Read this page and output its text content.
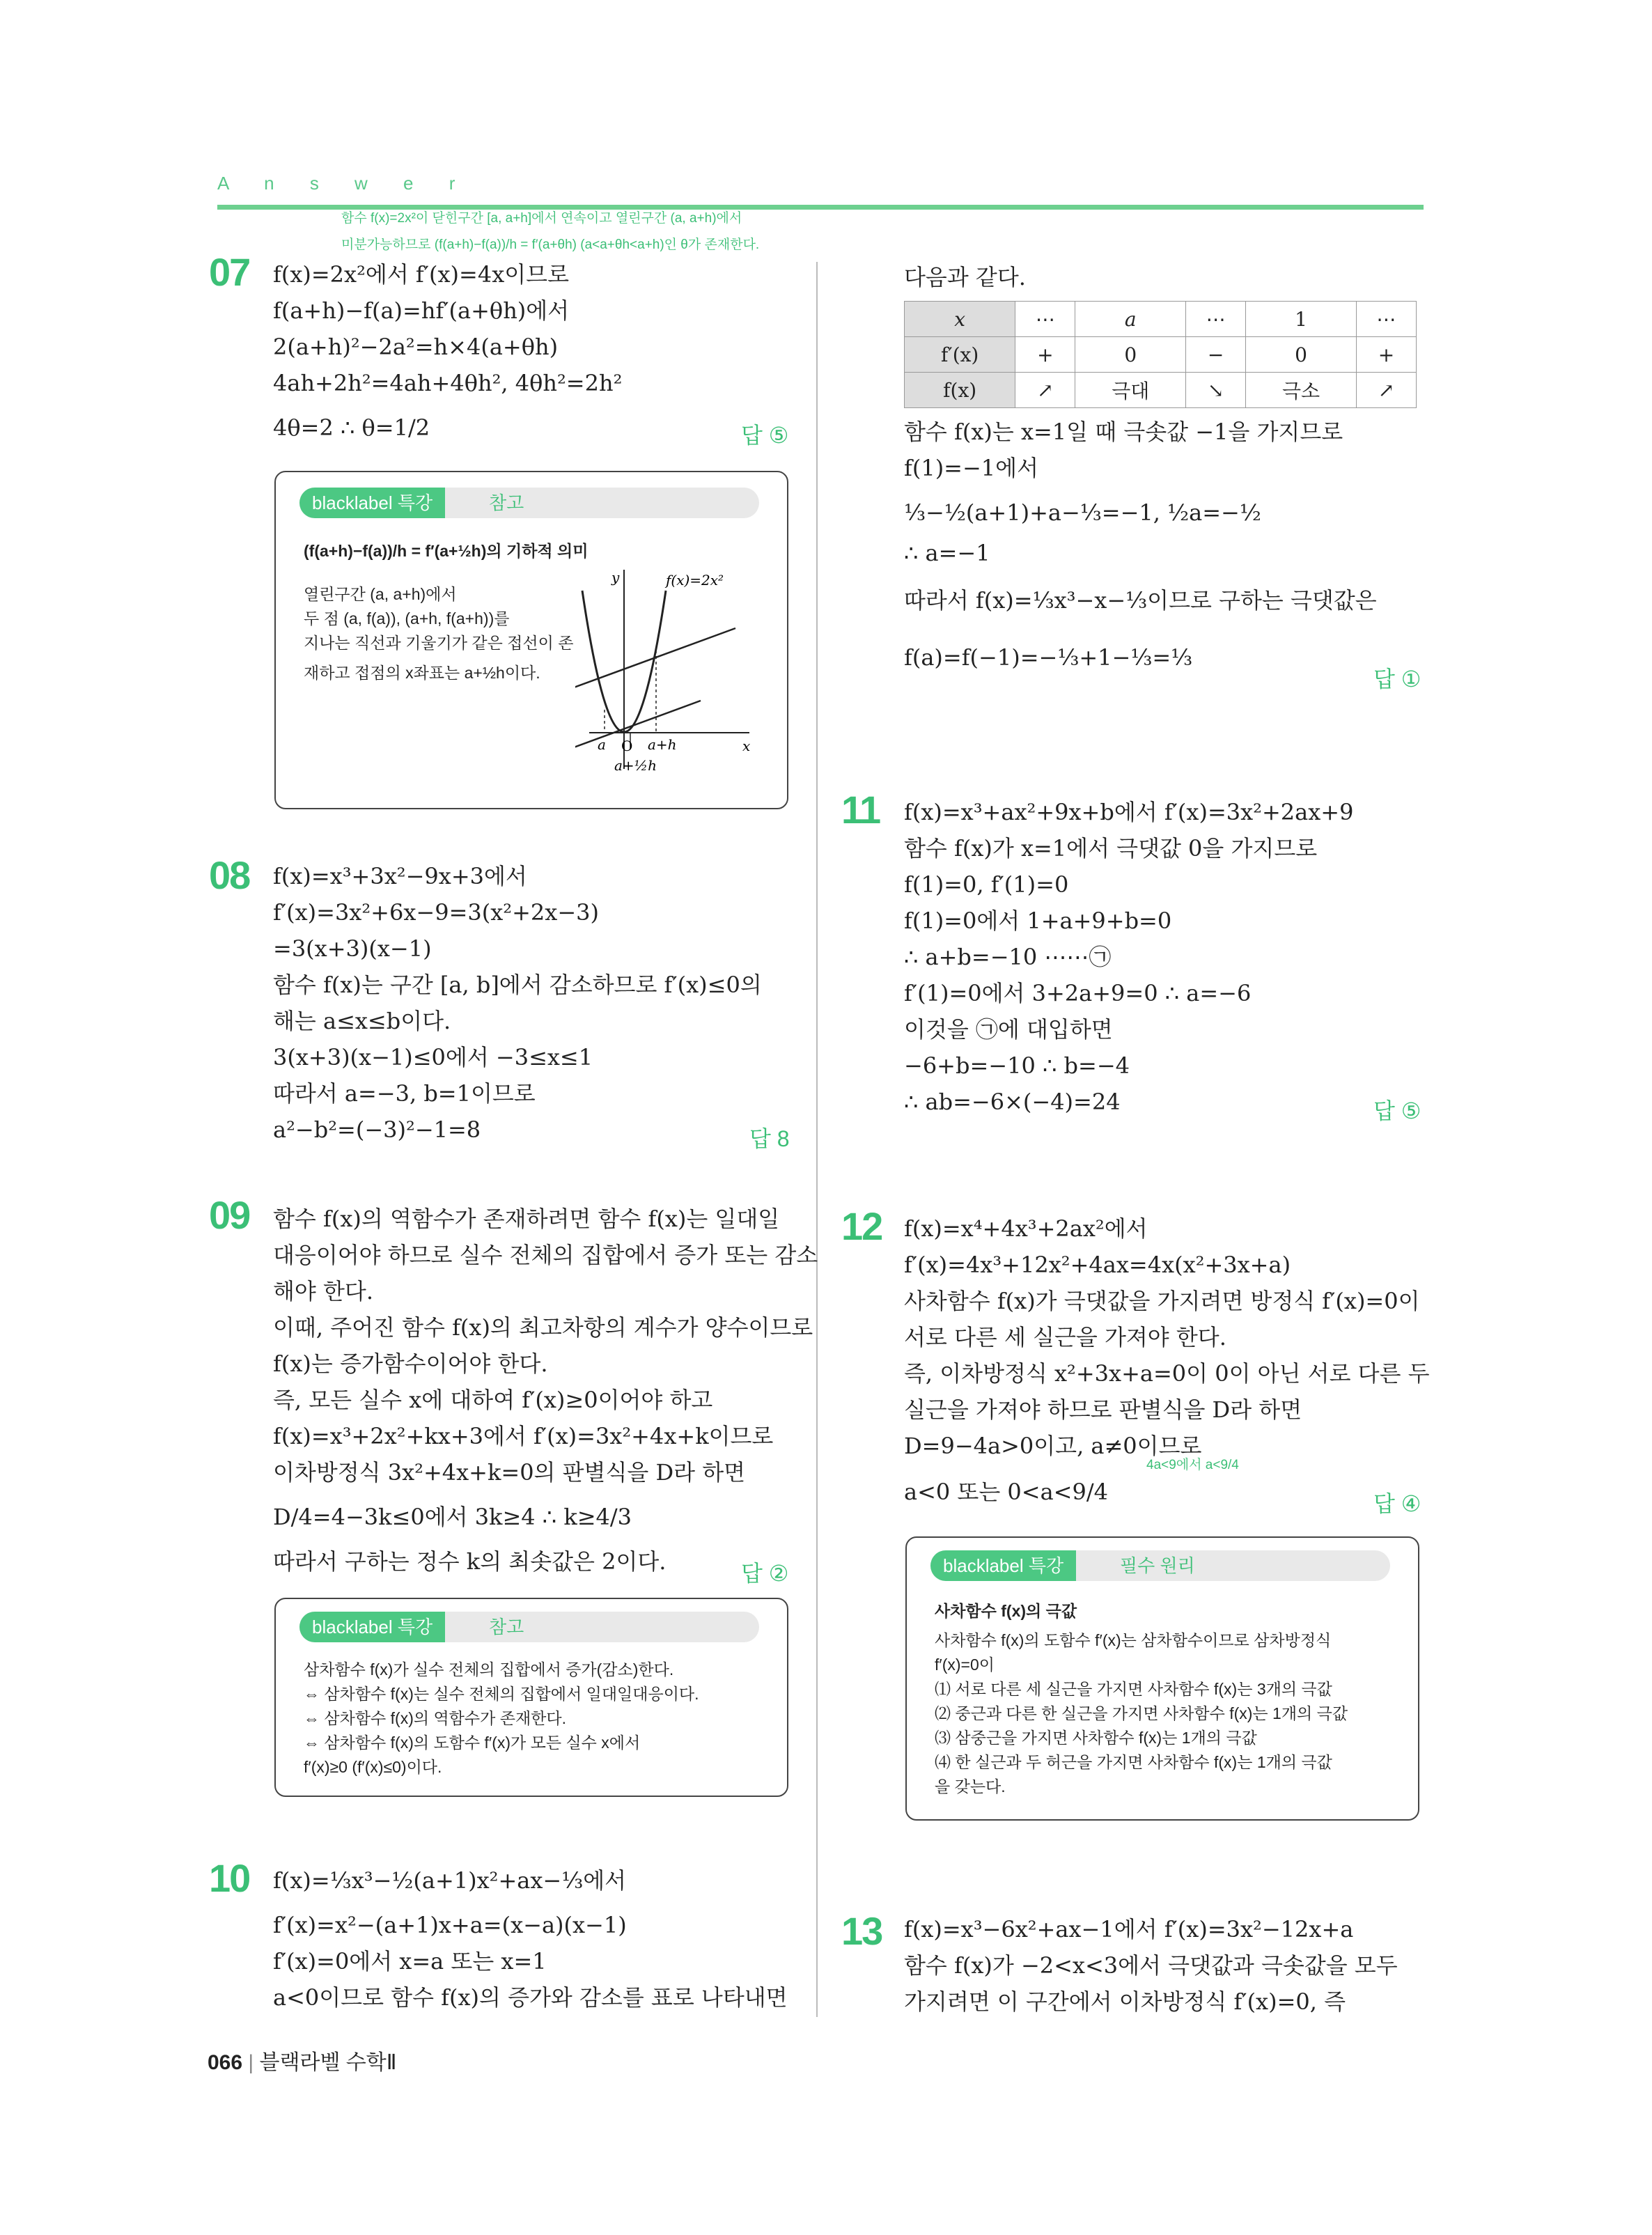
A n s w e r
함수 f(x)=2x²이 닫힌구간 [a, a+h]에서 연속이고 열린구간 (a, a+h)에서
미분가능하므로 (f(a+h)−f(a))/h = f′(a+θh) (a<a+θh<a+h)인 θ가 존재한다.
07 f(x)=2x²에서 f′(x)=4x이므로
f(a+h)−f(a)=hf′(a+θh)에서
2(a+h)²−2a²=h×4(a+θh)
4ah+2h²=4ah+4θh², 4θh²=2h²
4θ=2 ∴ θ=1/2	답 ⑤
blacklabel 특강	참고
(f(a+h)−f(a))/h = f′(a+½h)의 기하적 의미
열린구간 (a, a+h)에서
두 점 (a, f(a)), (a+h, f(a+h))를
지나는 직선과 기울기가 같은 접선이 존
재하고 접점의 x좌표는 a+½h이다.
y
x
O
a	a+h
a+½h
f(x)=2x²
08 f(x)=x³+3x²−9x+3에서
f′(x)=3x²+6x−9=3(x²+2x−3)
=3(x+3)(x−1)
함수 f(x)는 구간 [a, b]에서 감소하므로 f′(x)≤0의
해는 a≤x≤b이다.
3(x+3)(x−1)≤0에서 −3≤x≤1
따라서 a=−3, b=1이므로
a²−b²=(−3)²−1=8	답 8
09 함수 f(x)의 역함수가 존재하려면 함수 f(x)는 일대일
대응이어야 하므로 실수 전체의 집합에서 증가 또는 감소
해야 한다.
이때, 주어진 함수 f(x)의 최고차항의 계수가 양수이므로
f(x)는 증가함수이어야 한다.
즉, 모든 실수 x에 대하여 f′(x)≥0이어야 하고
f(x)=x³+2x²+kx+3에서 f′(x)=3x²+4x+k이므로
이차방정식 3x²+4x+k=0의 판별식을 D라 하면
D/4=4−3k≤0에서 3k≥4 ∴ k≥4/3
따라서 구하는 정수 k의 최솟값은 2이다.	답 ②
blacklabel 특강	참고
삼차함수 f(x)가 실수 전체의 집합에서 증가(감소)한다.
⇔ 삼차함수 f(x)는 실수 전체의 집합에서 일대일대응이다.
⇔ 삼차함수 f(x)의 역함수가 존재한다.
⇔ 삼차함수 f(x)의 도함수 f′(x)가 모든 실수 x에서
f′(x)≥0 (f′(x)≤0)이다.
10 f(x)=⅓x³−½(a+1)x²+ax−⅓에서
f′(x)=x²−(a+1)x+a=(x−a)(x−1)
f′(x)=0에서 x=a 또는 x=1
a<0이므로 함수 f(x)의 증가와 감소를 표로 나타내면
다음과 같다.
x	⋯	a	⋯	1	⋯
f′(x)	+	0	−	0	+
f(x)	↗	극대	↘	극소	↗
함수 f(x)는 x=1일 때 극솟값 −1을 가지므로
f(1)=−1에서
⅓−½(a+1)+a−⅓=−1, ½a=−½
∴ a=−1
따라서 f(x)=⅓x³−x−⅓이므로 구하는 극댓값은
f(a)=f(−1)=−⅓+1−⅓=⅓
답 ①
11 f(x)=x³+ax²+9x+b에서 f′(x)=3x²+2ax+9
함수 f(x)가 x=1에서 극댓값 0을 가지므로
f(1)=0, f′(1)=0
f(1)=0에서 1+a+9+b=0
∴ a+b=−10 ⋯⋯㉠
f′(1)=0에서 3+2a+9=0 ∴ a=−6
이것을 ㉠에 대입하면
−6+b=−10 ∴ b=−4
∴ ab=−6×(−4)=24	답 ⑤
12 f(x)=x⁴+4x³+2ax²에서
f′(x)=4x³+12x²+4ax=4x(x²+3x+a)
사차함수 f(x)가 극댓값을 가지려면 방정식 f′(x)=0이
서로 다른 세 실근을 가져야 한다.
즉, 이차방정식 x²+3x+a=0이 0이 아닌 서로 다른 두
실근을 가져야 하므로 판별식을 D라 하면
D=9−4a>0이고, a≠0이므로
a<0 또는 0<a<9/4
4a<9에서 a<9/4
답 ④
blacklabel 특강	필수 원리
사차함수 f(x)의 극값
사차함수 f(x)의 도함수 f′(x)는 삼차함수이므로 삼차방정식
f′(x)=0이
⑴ 서로 다른 세 실근을 가지면 사차함수 f(x)는 3개의 극값
⑵ 중근과 다른 한 실근을 가지면 사차함수 f(x)는 1개의 극값
⑶ 삼중근을 가지면 사차함수 f(x)는 1개의 극값
⑷ 한 실근과 두 허근을 가지면 사차함수 f(x)는 1개의 극값
을 갖는다.
13 f(x)=x³−6x²+ax−1에서 f′(x)=3x²−12x+a
함수 f(x)가 −2<x<3에서 극댓값과 극솟값을 모두
가지려면 이 구간에서 이차방정식 f′(x)=0, 즉
066 | 블랙라벨 수학Ⅱ
